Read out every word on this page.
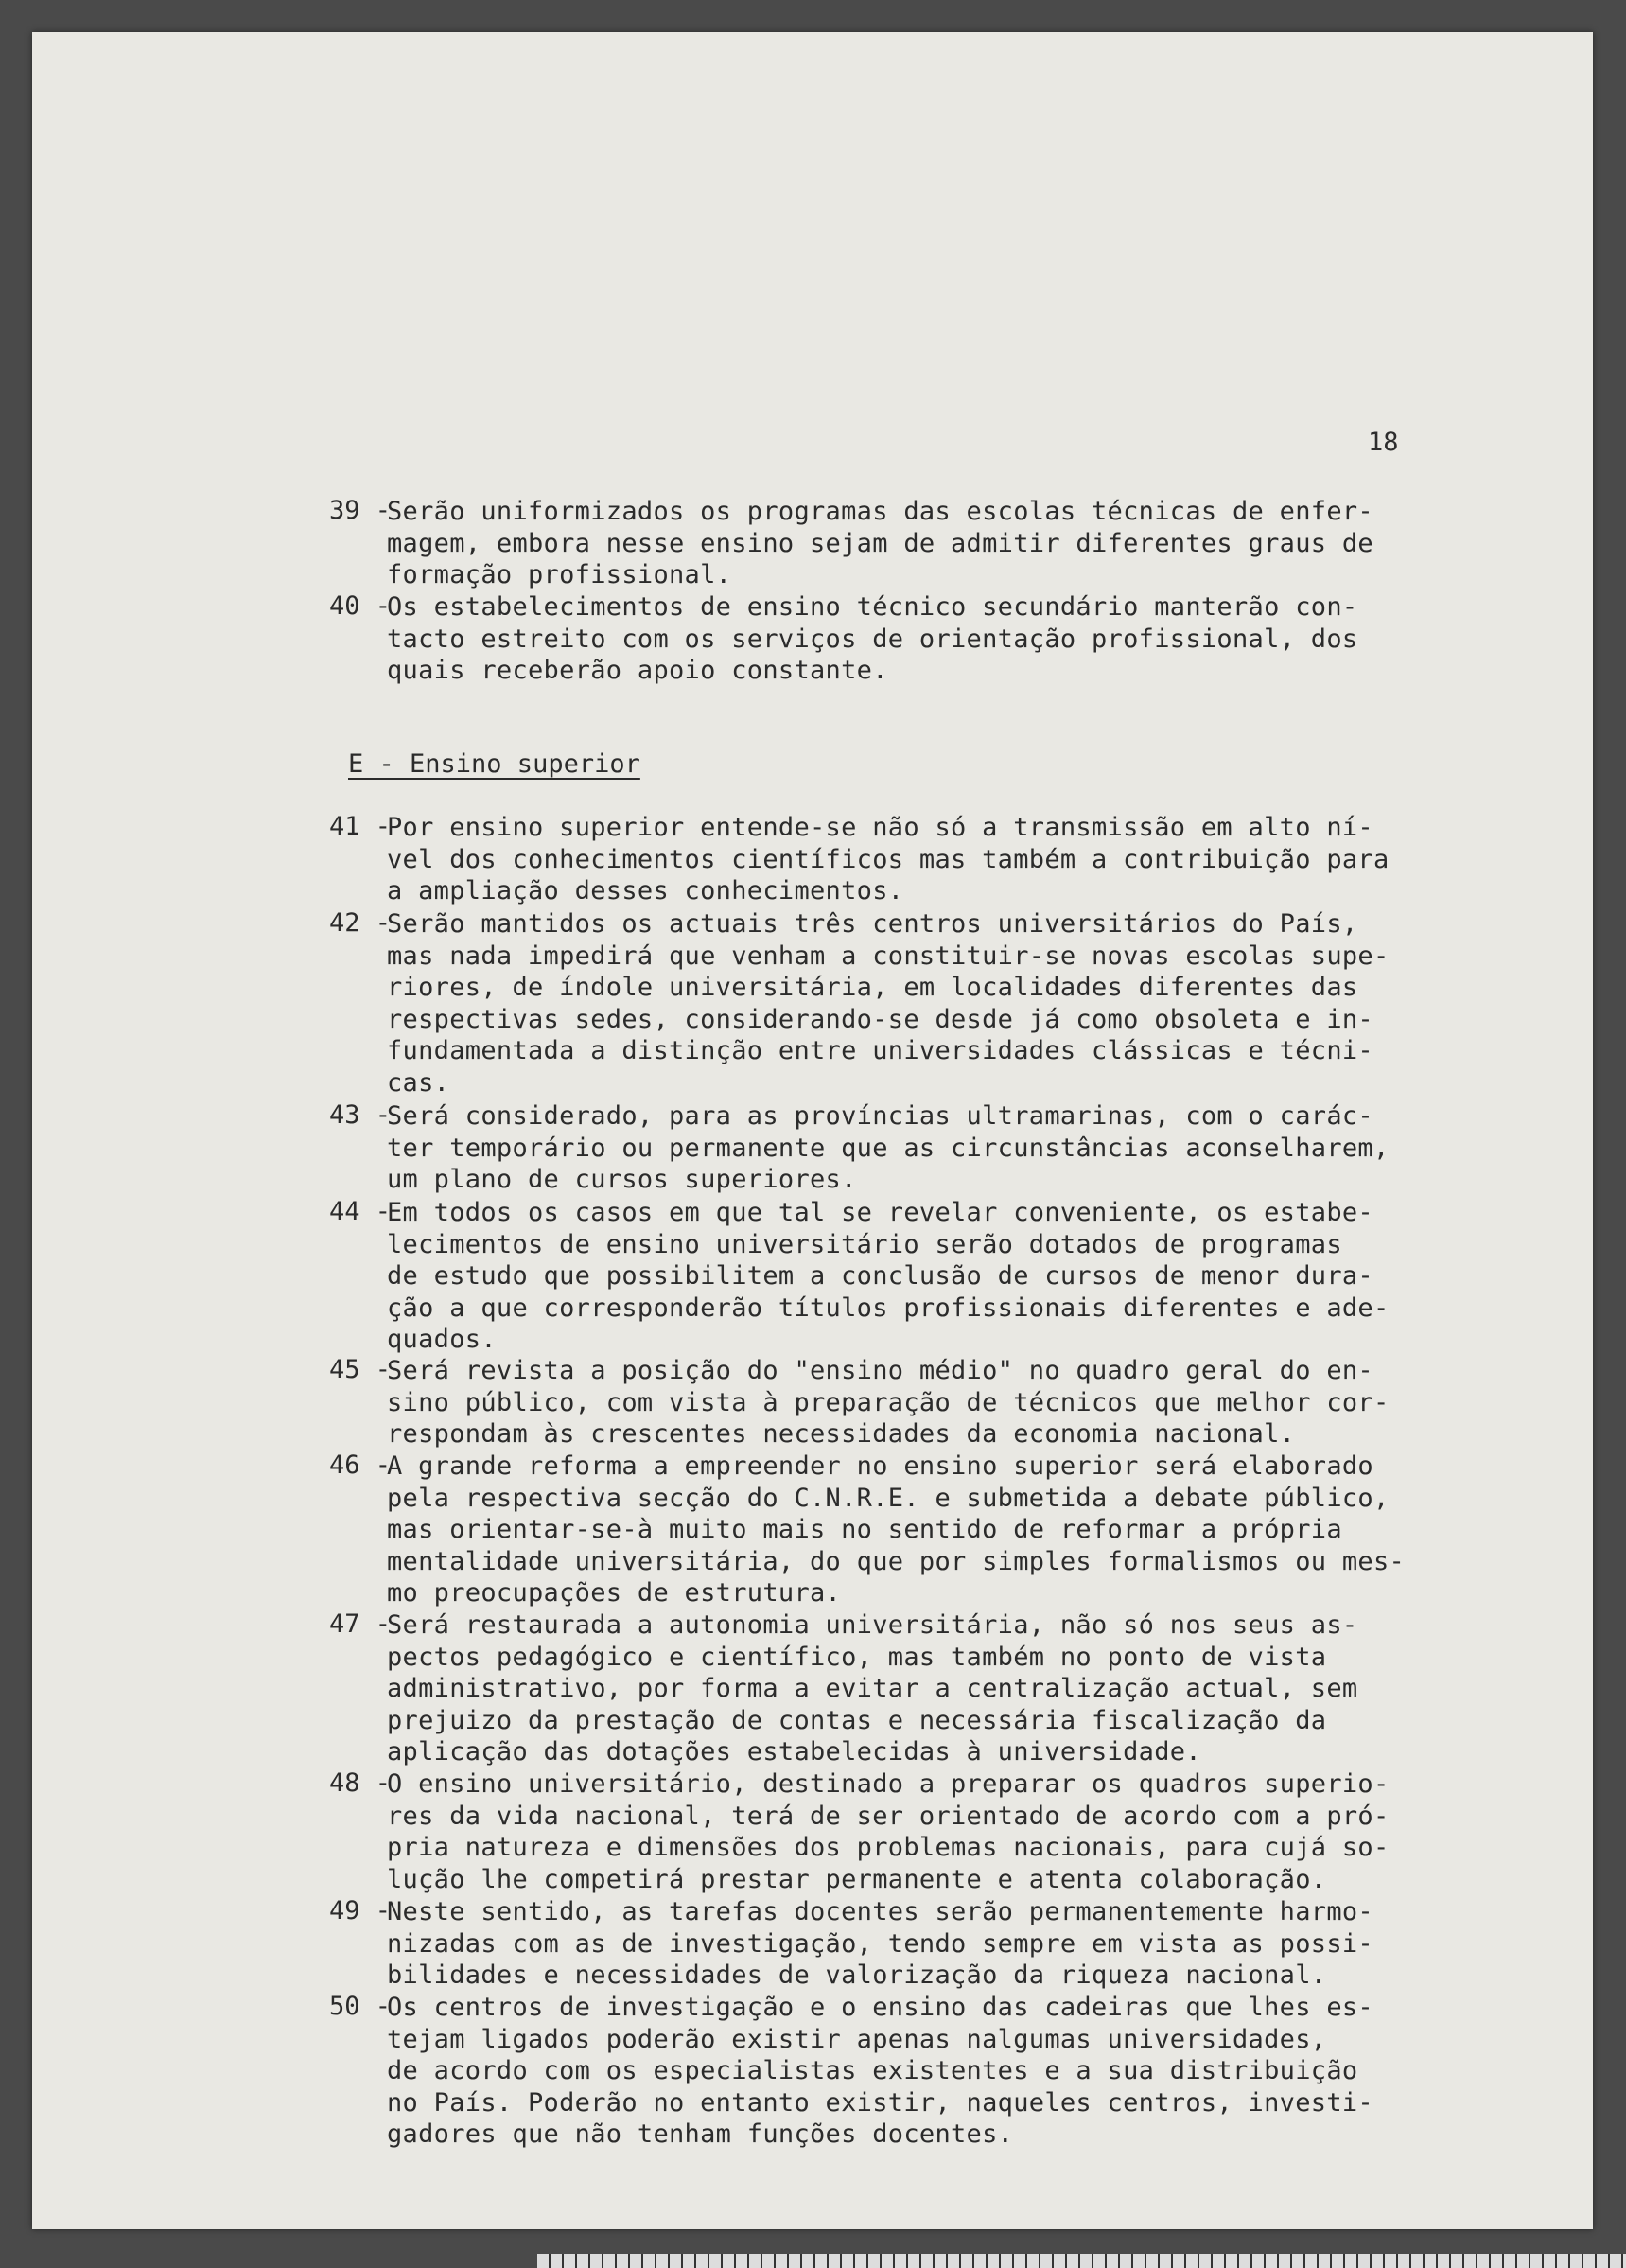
18
E - Ensino superior
39 -
Serão uniformizados os programas das escolas técnicas de enfer-
magem, embora nesse ensino sejam de admitir diferentes graus de
formação profissional.
40 -
Os estabelecimentos de ensino técnico secundário manterão con-
tacto estreito com os serviços de orientação profissional, dos
quais receberão apoio constante.
41 -
Por ensino superior entende-se não só a transmissão em alto ní-
vel dos conhecimentos científicos mas também a contribuição para
a ampliação desses conhecimentos.
42 -
Serão mantidos os actuais três centros universitários do País,
mas nada impedirá que venham a constituir-se novas escolas supe-
riores, de índole universitária, em localidades diferentes das
respectivas sedes, considerando-se desde já como obsoleta e in-
fundamentada a distinção entre universidades clássicas e técni-
cas.
43 -
Será considerado, para as províncias ultramarinas, com o carác-
ter temporário ou permanente que as circunstâncias aconselharem,
um plano de cursos superiores.
44 -
Em todos os casos em que tal se revelar conveniente, os estabe-
lecimentos de ensino universitário serão dotados de programas
de estudo que possibilitem a conclusão de cursos de menor dura-
ção a que corresponderão títulos profissionais diferentes e ade-
quados.
45 -
Será revista a posição do "ensino médio" no quadro geral do en-
sino público, com vista à preparação de técnicos que melhor cor-
respondam às crescentes necessidades da economia nacional.
46 -
A grande reforma a empreender no ensino superior será elaborado
pela respectiva secção do C.N.R.E. e submetida a debate público,
mas orientar-se-à muito mais no sentido de reformar a própria
mentalidade universitária, do que por simples formalismos ou mes-
mo preocupações de estrutura.
47 -
Será restaurada a autonomia universitária, não só nos seus as-
pectos pedagógico e científico, mas também no ponto de vista
administrativo, por forma a evitar a centralização actual, sem
prejuizo da prestação de contas e necessária fiscalização da
aplicação das dotações estabelecidas à universidade.
48 -
O ensino universitário, destinado a preparar os quadros superio-
res da vida nacional, terá de ser orientado de acordo com a pró-
pria natureza e dimensões dos problemas nacionais, para cujá so-
lução lhe competirá prestar permanente e atenta colaboração.
49 -
Neste sentido, as tarefas docentes serão permanentemente harmo-
nizadas com as de investigação, tendo sempre em vista as possi-
bilidades e necessidades de valorização da riqueza nacional.
50 -
Os centros de investigação e o ensino das cadeiras que lhes es-
tejam ligados poderão existir apenas nalgumas universidades,
de acordo com os especialistas existentes e a sua distribuição
no País. Poderão no entanto existir, naqueles centros, investi-
gadores que não tenham funções docentes.
